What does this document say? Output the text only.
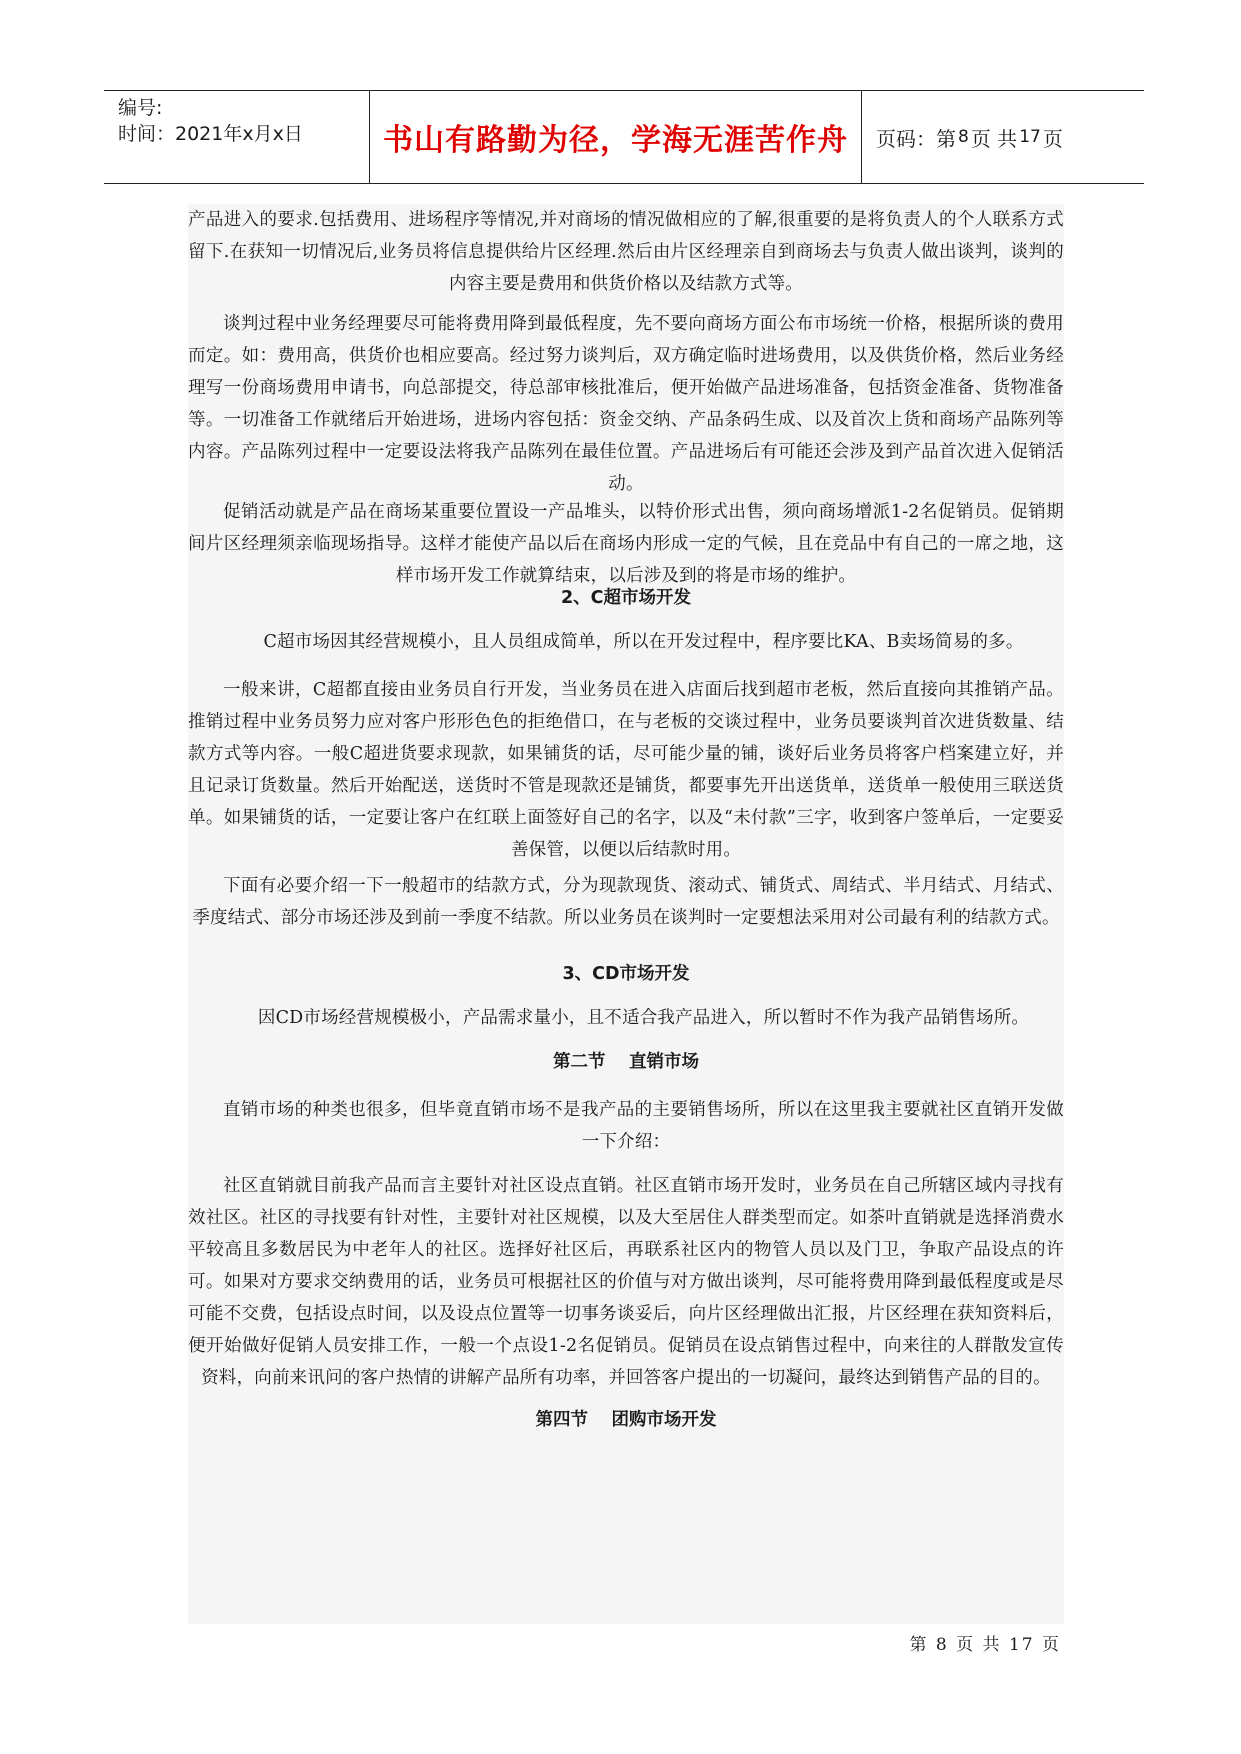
编号:
时间：2021年x月x日	书山有路勤为径，学海无涯苦作舟	页码：第 8 页 共 17 页

产品进入的要求.包括费用、进场程序等情况,并对商场的情况做相应的了解,很重要的是将负责人的个人联系方式留下.在获知一切情况后,业务员将信息提供给片区经理.然后由片区经理亲自到商场去与负责人做出谈判，谈判的内容主要是费用和供货价格以及结款方式等。

谈判过程中业务经理要尽可能将费用降到最低程度，先不要向商场方面公布市场统一价格，根据所谈的费用而定。如：费用高，供货价也相应要高。经过努力谈判后，双方确定临时进场费用，以及供货价格，然后业务经理写一份商场费用申请书，向总部提交，待总部审核批准后，便开始做产品进场准备，包括资金准备、货物准备等。一切准备工作就绪后开始进场，进场内容包括：资金交纳、产品条码生成、以及首次上货和商场产品陈列等内容。产品陈列过程中一定要设法将我产品陈列在最佳位置。产品进场后有可能还会涉及到产品首次进入促销活动。

促销活动就是产品在商场某重要位置设一产品堆头，以特价形式出售，须向商场增派1-2名促销员。促销期间片区经理须亲临现场指导。这样才能使产品以后在商场内形成一定的气候，且在竞品中有自己的一席之地，这样市场开发工作就算结束，以后涉及到的将是市场的维护。

2、C超市场开发

C超市场因其经营规模小，且人员组成简单，所以在开发过程中，程序要比KA、B卖场简易的多。

一般来讲，C超都直接由业务员自行开发，当业务员在进入店面后找到超市老板，然后直接向其推销产品。推销过程中业务员努力应对客户形形色色的拒绝借口，在与老板的交谈过程中，业务员要谈判首次进货数量、结款方式等内容。一般C超进货要求现款，如果铺货的话，尽可能少量的铺，谈好后业务员将客户档案建立好，并且记录订货数量。然后开始配送，送货时不管是现款还是铺货，都要事先开出送货单，送货单一般使用三联送货单。如果铺货的话，一定要让客户在红联上面签好自己的名字，以及“未付款”三字，收到客户签单后，一定要妥善保管，以便以后结款时用。

下面有必要介绍一下一般超市的结款方式，分为现款现货、滚动式、铺货式、周结式、半月结式、月结式、季度结式、部分市场还涉及到前一季度不结款。所以业务员在谈判时一定要想法采用对公司最有利的结款方式。

3、CD市场开发

因CD市场经营规模极小，产品需求量小，且不适合我产品进入，所以暂时不作为我产品销售场所。

第二节　 直销市场

直销市场的种类也很多，但毕竟直销市场不是我产品的主要销售场所，所以在这里我主要就社区直销开发做一下介绍：

社区直销就目前我产品而言主要针对社区设点直销。社区直销市场开发时，业务员在自己所辖区域内寻找有效社区。社区的寻找要有针对性，主要针对社区规模，以及大至居住人群类型而定。如茶叶直销就是选择消费水平较高且多数居民为中老年人的社区。选择好社区后，再联系社区内的物管人员以及门卫，争取产品设点的许可。如果对方要求交纳费用的话，业务员可根据社区的价值与对方做出谈判，尽可能将费用降到最低程度或是尽可能不交费，包括设点时间，以及设点位置等一切事务谈妥后，向片区经理做出汇报，片区经理在获知资料后，便开始做好促销人员安排工作，一般一个点设1-2名促销员。促销员在设点销售过程中，向来往的人群散发宣传资料，向前来讯问的客户热情的讲解产品所有功率，并回答客户提出的一切凝问，最终达到销售产品的目的。

第四节　 团购市场开发
第 8 页 共 17 页
